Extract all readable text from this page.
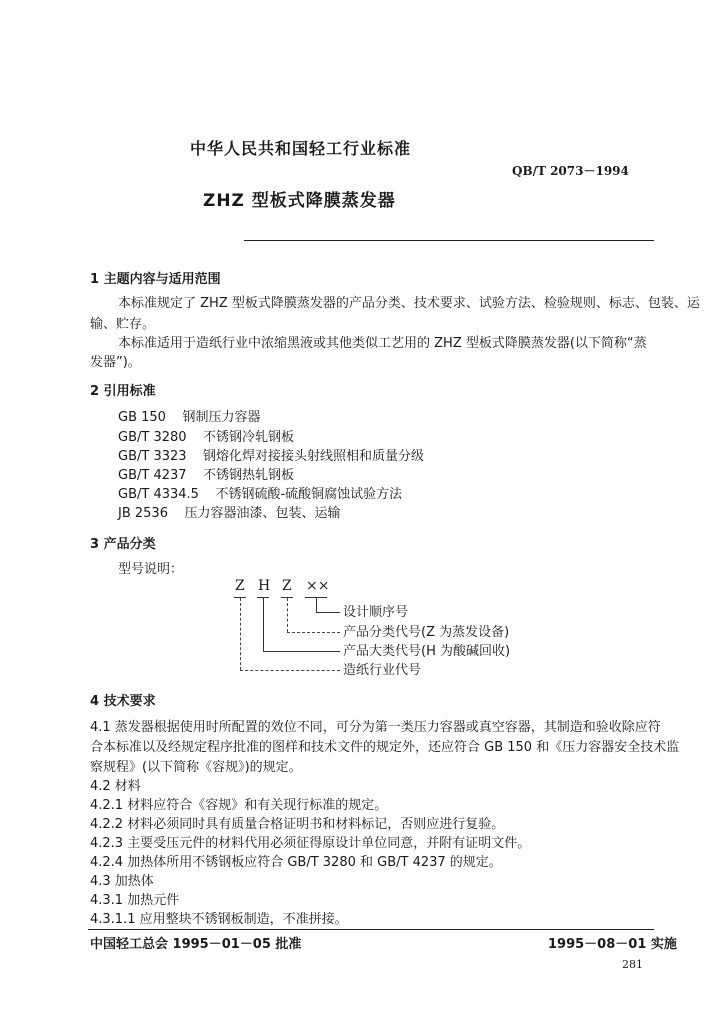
中华人民共和国轻工行业标准
QB/T 2073－1994
ZHZ 型板式降膜蒸发器
1 主题内容与适用范围
本标准规定了 ZHZ 型板式降膜蒸发器的产品分类、技术要求、试验方法、检验规则、标志、包装、运
输、贮存。
本标准适用于造纸行业中浓缩黑液或其他类似工艺用的 ZHZ 型板式降膜蒸发器(以下简称“蒸
发器”)。
2 引用标准
GB 150    钢制压力容器
GB/T 3280    不锈钢冷轧钢板
GB/T 3323    钢熔化焊对接接头射线照相和质量分级
GB/T 4237    不锈钢热轧钢板
GB/T 4334.5    不锈钢硫酸-硫酸铜腐蚀试验方法
JB 2536    压力容器油漆、包装、运输
3 产品分类
型号说明：
Z H Z ××
设计顺序号
产品分类代号(Z 为蒸发设备)
产品大类代号(H 为酸碱回收)
造纸行业代号
4 技术要求
4.1 蒸发器根据使用时所配置的效位不同，可分为第一类压力容器或真空容器，其制造和验收除应符
合本标准以及经规定程序批准的图样和技术文件的规定外，还应符合 GB 150 和《压力容器安全技术监
察规程》(以下简称《容规》)的规定。
4.2 材料
4.2.1 材料应符合《容规》和有关现行标准的规定。
4.2.2 材料必须同时具有质量合格证明书和材料标记，否则应进行复验。
4.2.3 主要受压元件的材料代用必须征得原设计单位同意，并附有证明文件。
4.2.4 加热体所用不锈钢板应符合 GB/T 3280 和 GB/T 4237 的规定。
4.3 加热体
4.3.1 加热元件
4.3.1.1 应用整块不锈钢板制造，不准拼接。
中国轻工总会 1995－01－05 批准	1995－08－01 实施
281
